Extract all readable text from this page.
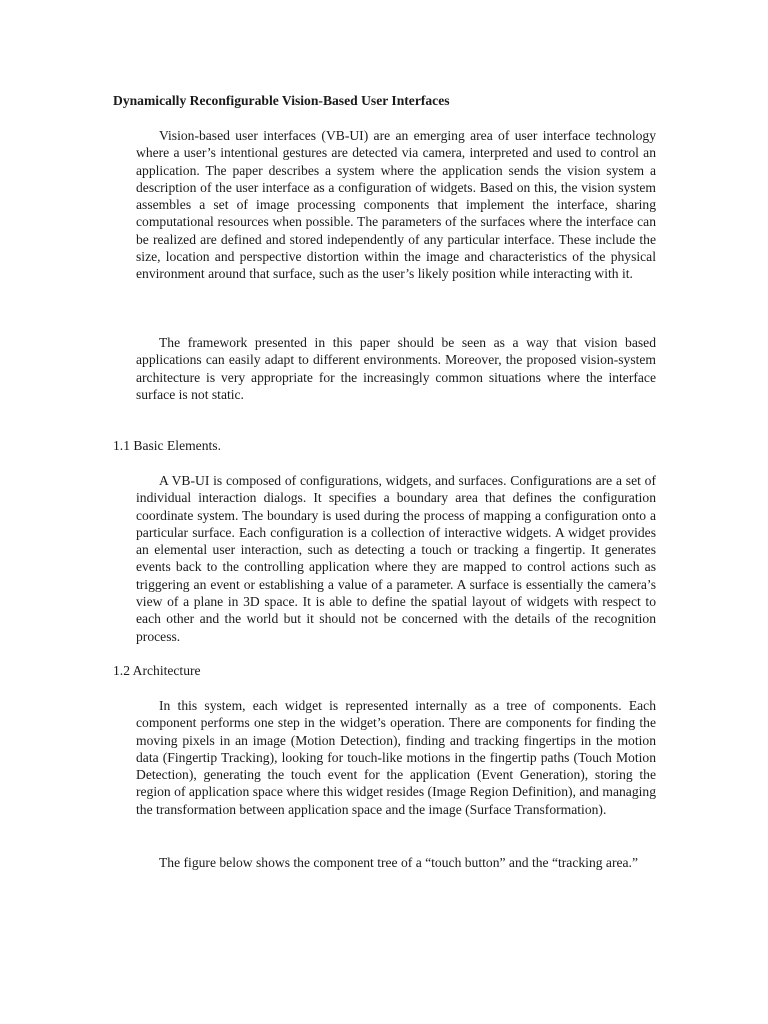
Dynamically Reconfigurable Vision-Based User Interfaces

Vision-based user interfaces (VB-UI) are an emerging area of user interface technology where a user’s intentional gestures are detected via camera, interpreted and used to control an application. The paper describes a system where the application sends the vision system a description of the user interface as a configuration of widgets. Based on this, the vision system assembles a set of image processing components that implement the interface, sharing computational resources when possible. The parameters of the surfaces where the interface can be realized are defined and stored independently of any particular interface. These include the size, location and perspective distortion within the image and characteristics of the physical environment around that surface, such as the user’s likely position while interacting with it.

The framework presented in this paper should be seen as a way that vision based applications can easily adapt to different environments. Moreover, the proposed vision-system architecture is very appropriate for the increasingly common situations where the interface surface is not static.

1.1 Basic Elements.

A VB-UI is composed of configurations, widgets, and surfaces. Configurations are a set of individual interaction dialogs. It specifies a boundary area that defines the configuration coordinate system. The boundary is used during the process of mapping a configuration onto a particular surface. Each configuration is a collection of interactive widgets. A widget provides an elemental user interaction, such as detecting a touch or tracking a fingertip. It generates events back to the controlling application where they are mapped to control actions such as triggering an event or establishing a value of a parameter. A surface is essentially the camera’s view of a plane in 3D space. It is able to define the spatial layout of widgets with respect to each other and the world but it should not be concerned with the details of the recognition process.

1.2 Architecture

In this system, each widget is represented internally as a tree of components. Each component performs one step in the widget’s operation. There are components for finding the moving pixels in an image (Motion Detection), finding and tracking fingertips in the motion data (Fingertip Tracking), looking for touch-like motions in the fingertip paths (Touch Motion Detection), generating the touch event for the application (Event Generation), storing the region of application space where this widget resides (Image Region Definition), and managing the transformation between application space and the image (Surface Transformation).

The figure below shows the component tree of a “touch button” and the “tracking area.”
